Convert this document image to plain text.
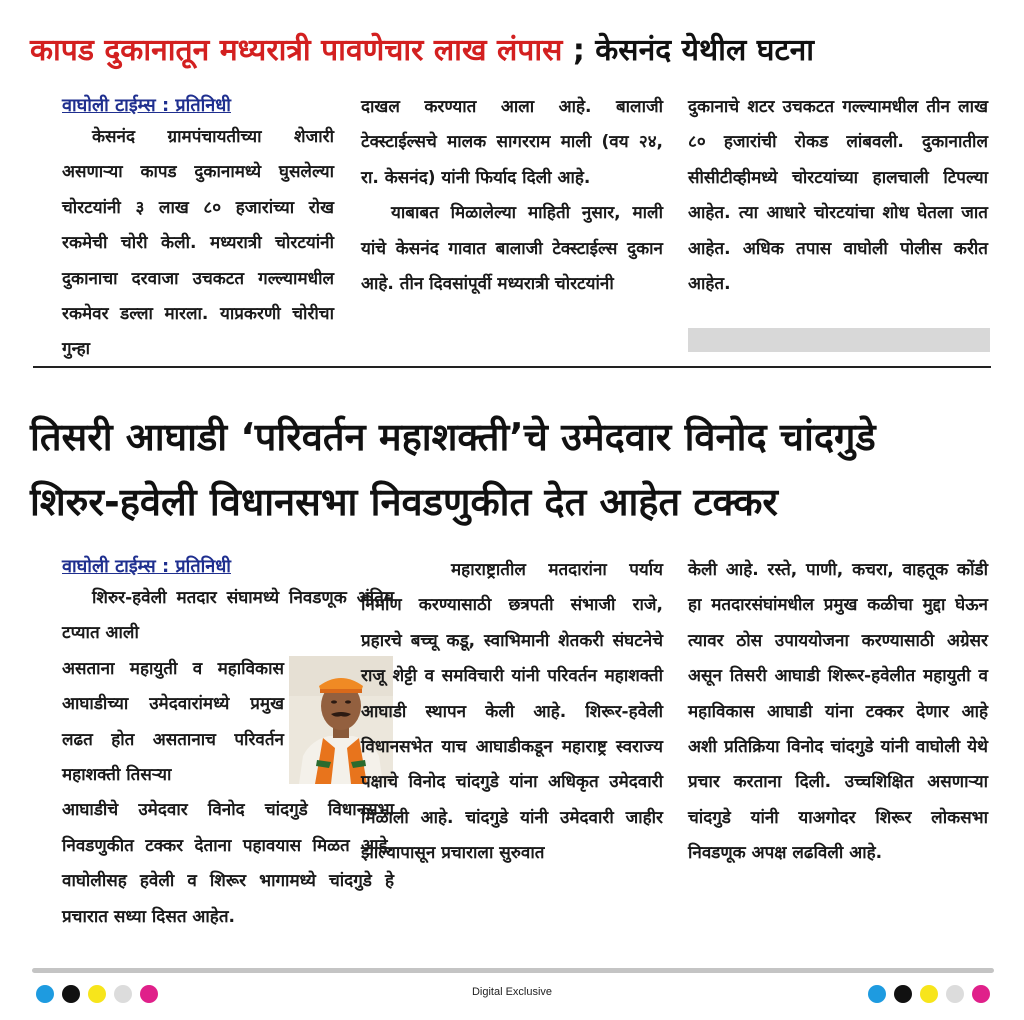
कापड दुकानातून मध्यरात्री पावणेचार लाख लंपास ; केसनंद येथील घटना
वाघोली टाईम्स : प्रतिनिधी
केसनंद ग्रामपंचायतीच्या शेजारी असणाऱ्या कापड दुकानामध्ये घुसलेल्या चोरटयांनी ३ लाख ८० हजारांच्या रोख रकमेची चोरी केली. मध्यरात्री चोरटयांनी दुकानाचा दरवाजा उचकटत गल्ल्यामधील रकमेवर डल्ला मारला. याप्रकरणी चोरीचा गुन्हा
दाखल करण्यात आला आहे. बालाजी टेक्स्टाईल्सचे मालक सागरराम माली (वय २४, रा. केसनंद) यांनी फिर्याद दिली आहे.
याबाबत मिळालेल्या माहिती नुसार, माली यांचे केसनंद गावात बालाजी टेक्स्टाईल्स दुकान आहे. तीन दिवसांपूर्वी मध्यरात्री चोरटयांनी
दुकानाचे शटर उचकटत गल्ल्यामधील तीन लाख ८० हजारांची रोकड लांबवली. दुकानातील सीसीटीव्हीमध्ये चोरटयांच्या हालचाली टिपल्या आहेत. त्या आधारे चोरटयांचा शोध घेतला जात आहेत. अधिक तपास वाघोली पोलीस करीत आहेत.
तिसरी आघाडी ‘परिवर्तन महाशक्ती’चे उमेदवार विनोद चांदगुडे
शिरुर-हवेली विधानसभा निवडणुकीत देत आहेत टक्कर
वाघोली टाईम्स : प्रतिनिधी
शिरुर-हवेली मतदार संघामध्ये निवडणूक अंतिम टप्यात आली
असताना महायुती व महाविकास आघाडीच्या उमेदवारांमध्ये प्रमुख लढत होत असतानाच परिवर्तन महाशक्ती तिसऱ्या
आघाडीचे उमेदवार विनोद चांदगुडे विधानसभा निवडणुकीत टक्कर देताना पहावयास मिळत आहे. वाघोलीसह हवेली व शिरूर भागामध्ये चांदगुडे हे प्रचारात सध्या दिसत आहेत.
महाराष्ट्रातील मतदारांना पर्याय निर्माण करण्यासाठी छत्रपती संभाजी राजे, प्रहारचे बच्चू कडू, स्वाभिमानी शेतकरी संघटनेचे राजू शेट्टी व समविचारी यांनी परिवर्तन महाशक्ती आघाडी स्थापन केली आहे. शिरूर-हवेली विधानसभेत याच आघाडीकडून महाराष्ट्र स्वराज्य पक्षाचे विनोद चांदगुडे यांना अधिकृत उमेदवारी मिळाली आहे. चांदगुडे यांनी उमेदवारी जाहीर झाल्यापासून प्रचाराला सुरुवात
केली आहे. रस्ते, पाणी, कचरा, वाहतूक कोंडी हा मतदारसंघांमधील प्रमुख कळीचा मुद्दा घेऊन त्यावर ठोस उपाययोजना करण्यासाठी अग्रेसर असून तिसरी आघाडी शिरूर-हवेलीत महायुती व महाविकास आघाडी यांना टक्कर देणार आहे अशी प्रतिक्रिया विनोद चांदगुडे यांनी वाघोली येथे प्रचार करताना दिली. उच्चशिक्षित असणाऱ्या चांदगुडे यांनी याअगोदर शिरूर लोकसभा निवडणूक अपक्ष लढविली आहे.
Digital Exclusive
